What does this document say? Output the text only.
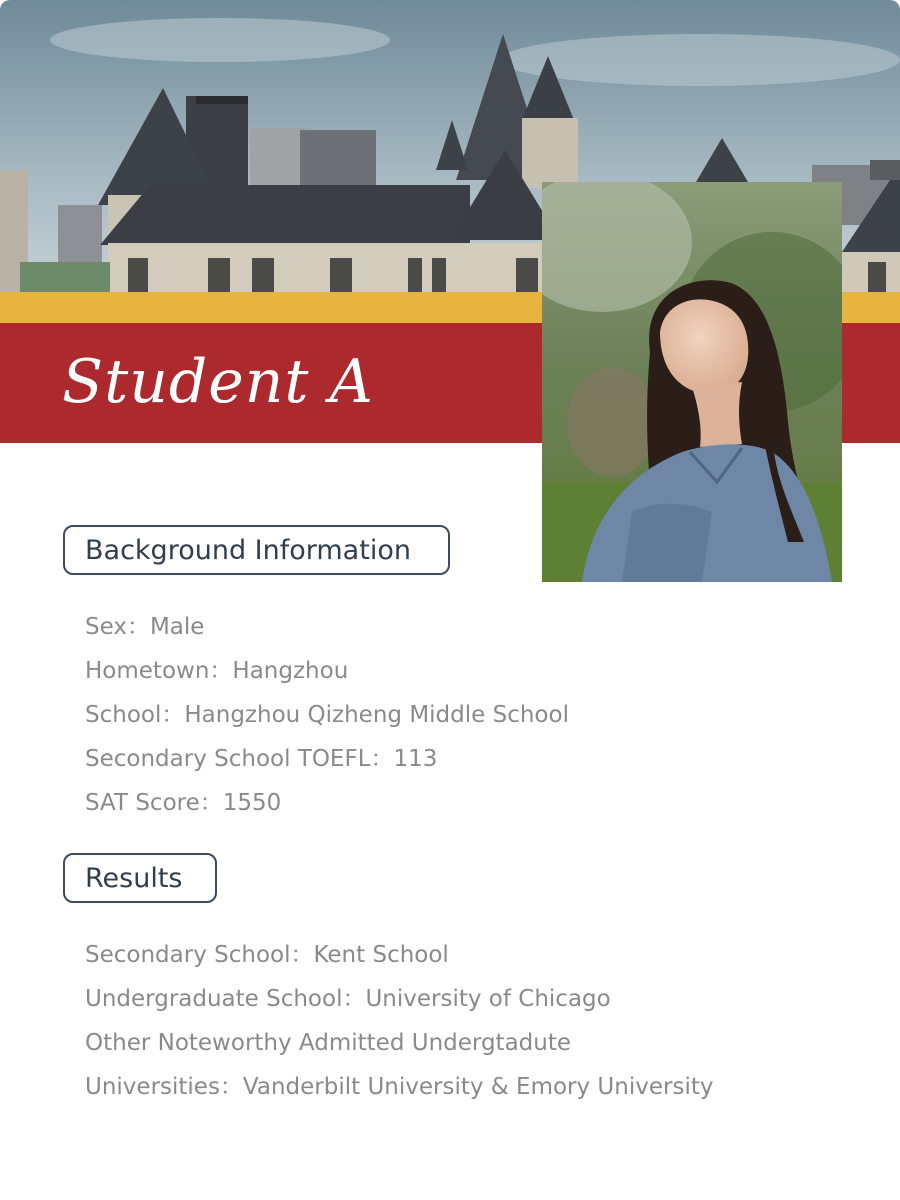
Student A
Background Information
Sex：Male
Hometown：Hangzhou
School：Hangzhou Qizheng Middle School
Secondary School TOEFL：113
SAT Score：1550
Results
Secondary School：Kent School
Undergraduate School：University of Chicago
Other Noteworthy Admitted Undergtadute
Universities：Vanderbilt University & Emory University
